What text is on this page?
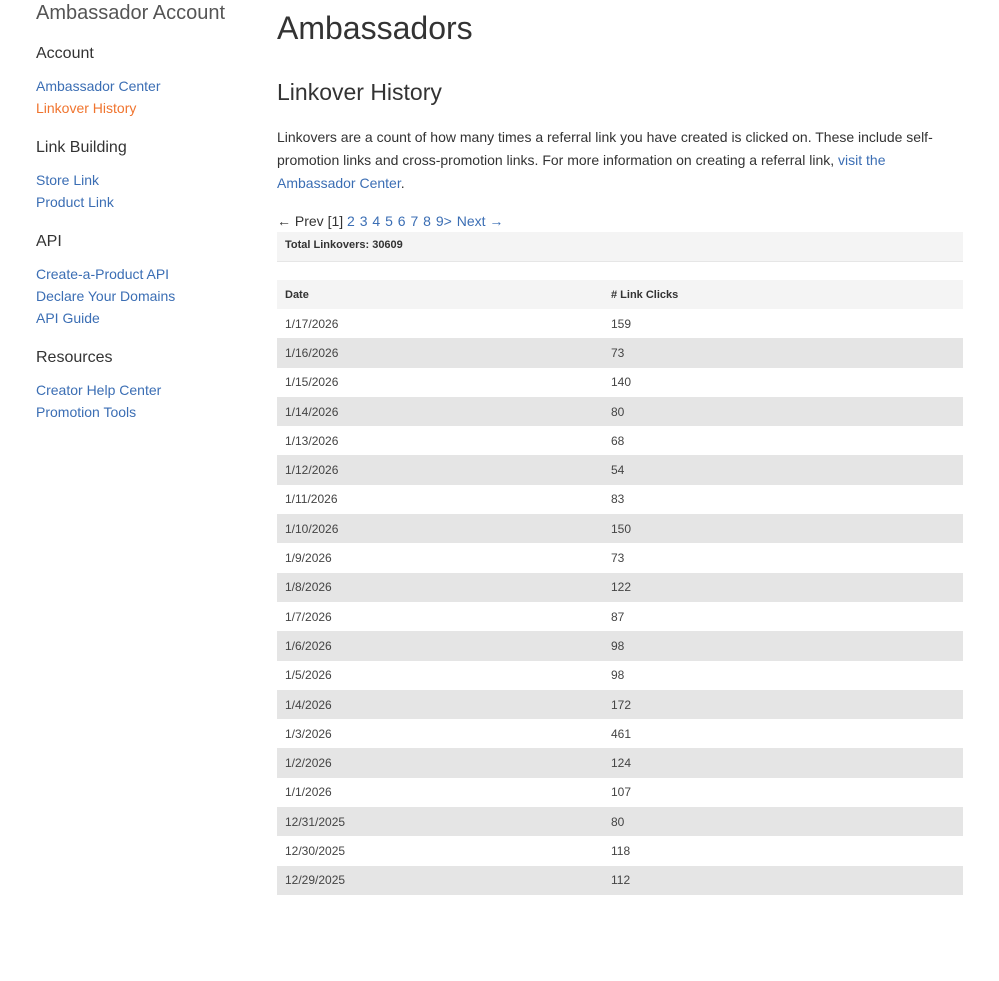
Ambassador Account
Account
Ambassador Center
Linkover History
Link Building
Store Link
Product Link
API
Create-a-Product API
Declare Your Domains
API Guide
Resources
Creator Help Center
Promotion Tools
Ambassadors
Linkover History
Linkovers are a count of how many times a referral link you have created is clicked on. These include self-promotion links and cross-promotion links. For more information on creating a referral link, visit the Ambassador Center.
← Prev [1] 2 3 4 5 6 7 8 9> Next →
Total Linkovers: 30609
Date	# Link Clicks
1/17/2026	159
1/16/2026	73
1/15/2026	140
1/14/2026	80
1/13/2026	68
1/12/2026	54
1/11/2026	83
1/10/2026	150
1/9/2026	73
1/8/2026	122
1/7/2026	87
1/6/2026	98
1/5/2026	98
1/4/2026	172
1/3/2026	461
1/2/2026	124
1/1/2026	107
12/31/2025	80
12/30/2025	118
12/29/2025	112
